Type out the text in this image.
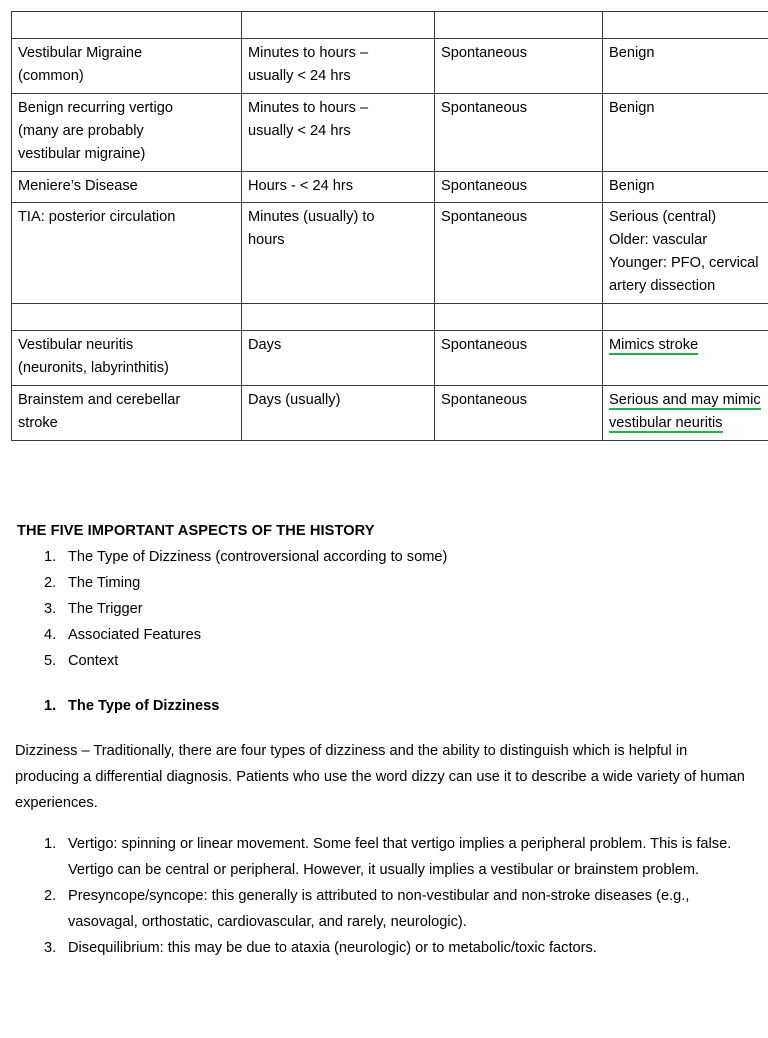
Vestibular Migraine
(common)	Minutes to hours –
usually < 24 hrs	Spontaneous	Benign

Benign recurring vertigo
(many are probably
vestibular migraine)	Minutes to hours –
usually < 24 hrs	Spontaneous	Benign

Meniere’s Disease	Hours - < 24 hrs	Spontaneous	Benign

TIA: posterior circulation	Minutes (usually) to
hours	Spontaneous	Serious (central)
Older: vascular
Younger: PFO, cervical
artery dissection

Vestibular neuritis
(neuronits, labyrinthitis)	Days	Spontaneous	Mimics stroke

Brainstem and cerebellar
stroke	Days (usually)	Spontaneous	Serious and may mimic
vestibular neuritis
THE FIVE IMPORTANT ASPECTS OF THE HISTORY
1. The Type of Dizziness (controversional according to some)
2. The Timing
3. The Trigger
4. Associated Features
5. Context
1. The Type of Dizziness

Dizziness – Traditionally, there are four types of dizziness and the ability to distinguish which is helpful in producing a differential diagnosis. Patients who use the word dizzy can use it to describe a wide variety of human experiences.

1. Vertigo: spinning or linear movement. Some feel that vertigo implies a peripheral problem. This is false. Vertigo can be central or peripheral. However, it usually implies a vestibular or brainstem problem.
2. Presyncope/syncope: this generally is attributed to non-vestibular and non-stroke diseases (e.g., vasovagal, orthostatic, cardiovascular, and rarely, neurologic).
3. Disequilibrium: this may be due to ataxia (neurologic) or to metabolic/toxic factors.
